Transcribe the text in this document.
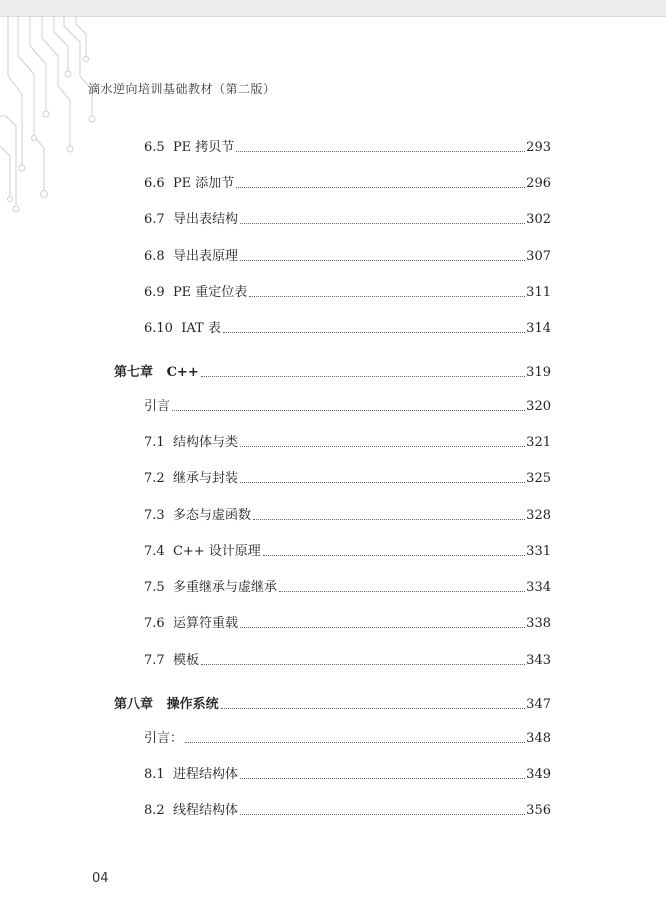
滴水逆向培训基础教材（第二版）
6.5  PE 拷贝节	293
6.6  PE 添加节	296
6.7  导出表结构	302
6.8  导出表原理	307
6.9  PE 重定位表	311
6.10  IAT 表	314
第七章   C++	319
引言	320
7.1  结构体与类	321
7.2  继承与封装	325
7.3  多态与虚函数	328
7.4  C++ 设计原理	331
7.5  多重继承与虚继承	334
7.6  运算符重载	338
7.7  模板	343
第八章   操作系统	347
引言：	348
8.1  进程结构体	349
8.2  线程结构体	356
04
